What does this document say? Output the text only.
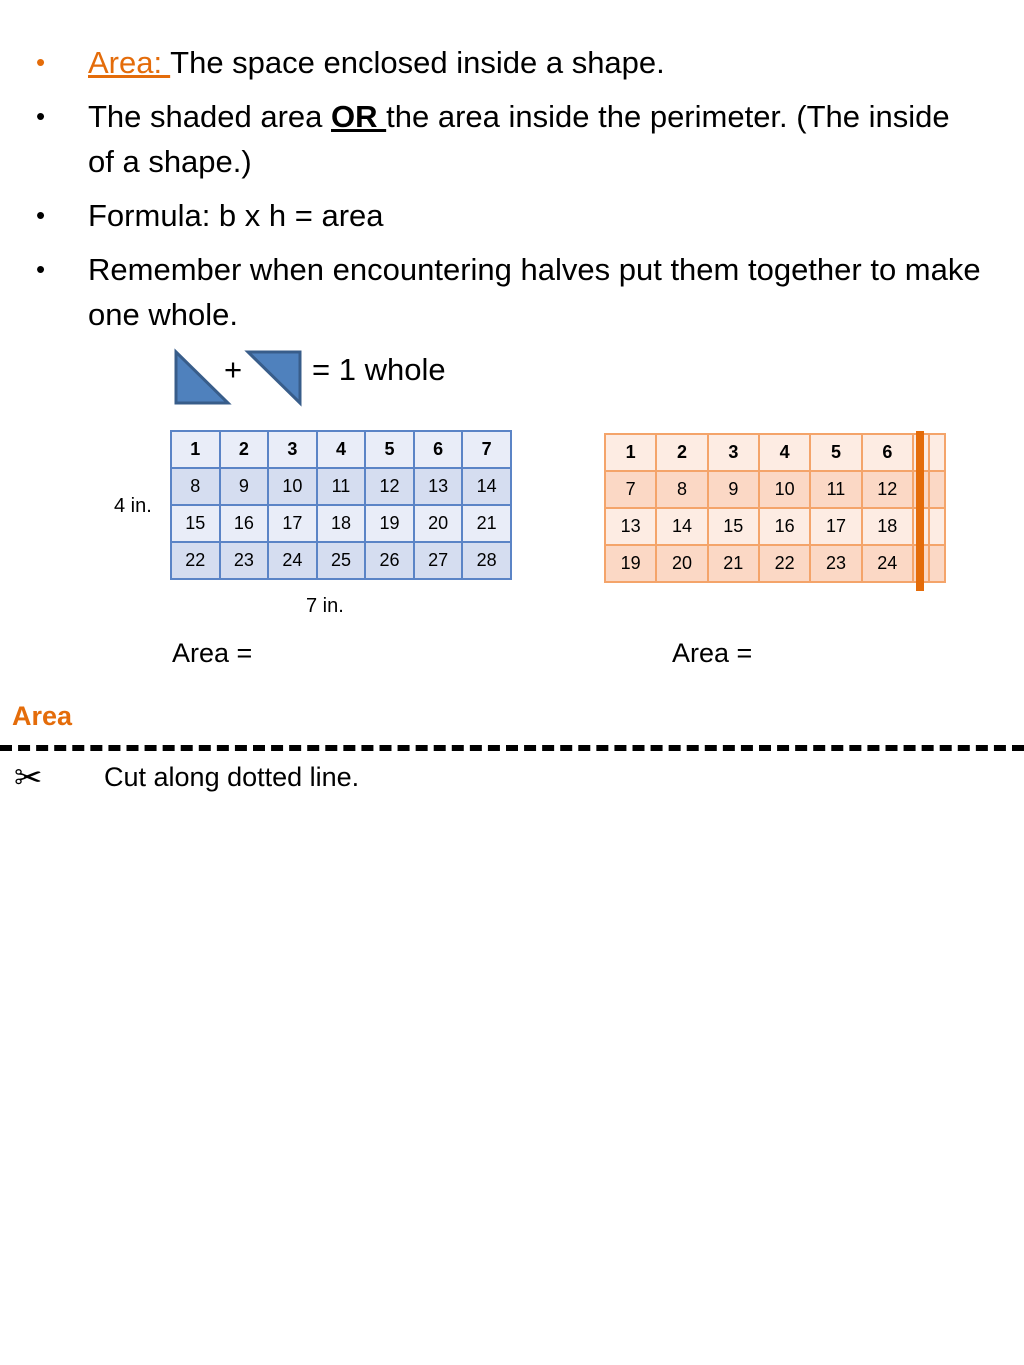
• Area: The space enclosed inside a shape.
• The shaded area OR the area inside the perimeter. (The inside of a shape.)
• Formula: b x h = area
• Remember when encountering halves put them together to make one whole.
+ = 1 whole
1	2	3	4	5	6	7
8	9	10	11	12	13	14
15	16	17	18	19	20	21
22	23	24	25	26	27	28
4 in.
7 in.
1	2	3	4	5	6		
7	8	9	10	11	12		
13	14	15	16	17	18		
19	20	21	22	23	24		
Area =	Area =
Area
✂ Cut along dotted line.
